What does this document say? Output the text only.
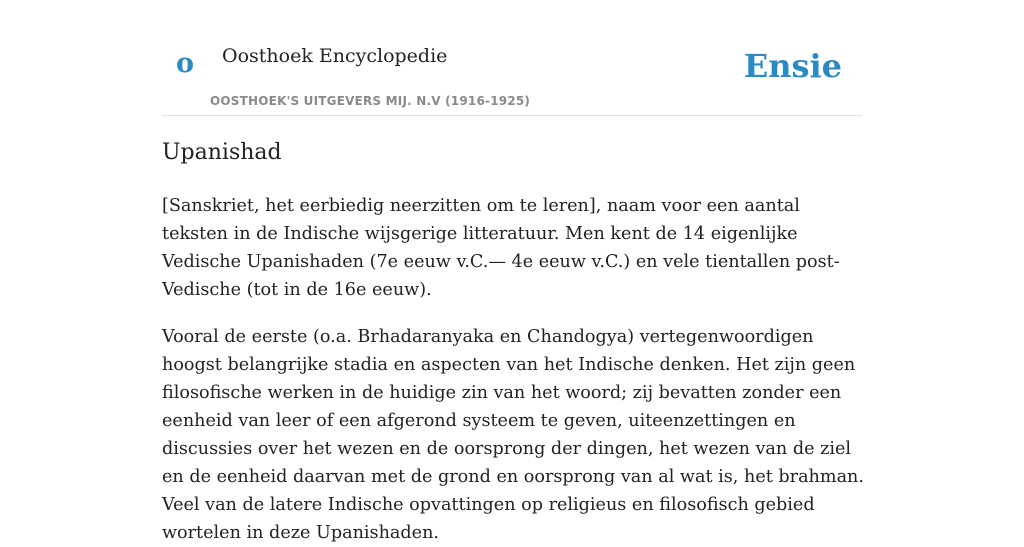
o Oosthoek Encyclopedie
OOSTHOEK'S UITGEVERS MIJ. N.V (1916-1925)
Ensie
Upanishad

[Sanskriet, het eerbiedig neerzitten om te leren], naam voor een aantal teksten in de Indische wijsgerige litteratuur. Men kent de 14 eigenlijke Vedische Upanishaden (7e eeuw v.C.— 4e eeuw v.C.) en vele tientallen post-Vedische (tot in de 16e eeuw).

Vooral de eerste (o.a. Brhadaranyaka en Chandogya) vertegenwoordigen hoogst belangrijke stadia en aspecten van het Indische denken. Het zijn geen filosofische werken in de huidige zin van het woord; zij bevatten zonder een eenheid van leer of een afgerond systeem te geven, uiteenzettingen en discussies over het wezen en de oorsprong der dingen, het wezen van de ziel en de eenheid daarvan met de grond en oorsprong van al wat is, het brahman. Veel van de latere Indische opvattingen op religieus en filosofisch gebied wortelen in deze Upanishaden.
